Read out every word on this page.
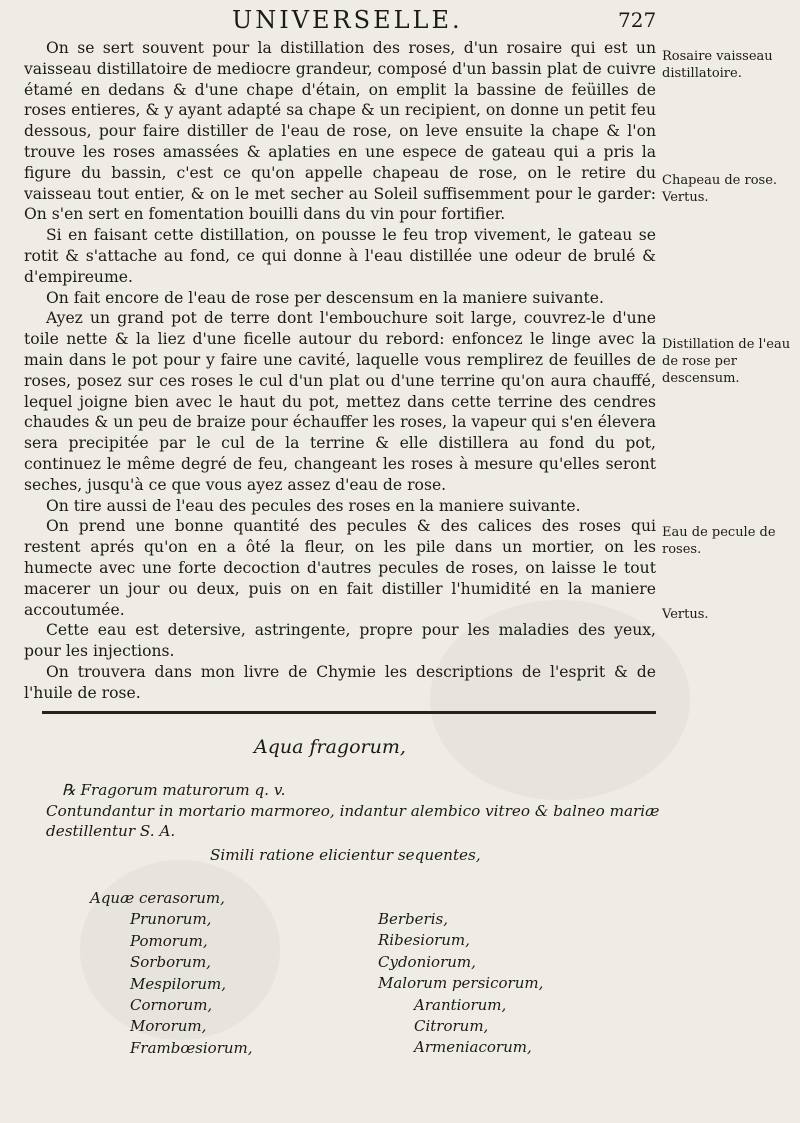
UNIVERSELLE.	727

On se sert souvent pour la distillation des roses, d'un rosaire qui est un vaisseau distillatoire de mediocre grandeur, composé d'un bassin plat de cuivre étamé en dedans & d'une chape d'étain, on emplit la bassine de feüilles de roses entieres, & y ayant adapté sa chape & un recipient, on donne un petit feu dessous, pour faire distiller de l'eau de rose, on leve ensuite la chape & l'on trouve les roses amassées & aplaties en une espece de gateau qui a pris la figure du bassin, c'est ce qu'on appelle chapeau de rose, on le retire du vaisseau tout entier, & on le met secher au Soleil suffisemment pour le garder: On s'en sert en fomentation bouilli dans du vin pour fortifier.

Si en faisant cette distillation, on pousse le feu trop vivement, le gateau se rotit & s'attache au fond, ce qui donne à l'eau distillée une odeur de brulé & d'empireume.

On fait encore de l'eau de rose per descensum en la maniere suivante.

Ayez un grand pot de terre dont l'embouchure soit large, couvrez-le d'une toile nette & la liez d'une ficelle autour du rebord: enfoncez le linge avec la main dans le pot pour y faire une cavité, laquelle vous remplirez de feuilles de roses, posez sur ces roses le cul d'un plat ou d'une terrine qu'on aura chauffé, lequel joigne bien avec le haut du pot, mettez dans cette terrine des cendres chaudes & un peu de braize pour échauffer les roses, la vapeur qui s'en élevera sera precipitée par le cul de la terrine & elle distillera au fond du pot, continuez le même degré de feu, changeant les roses à mesure qu'elles seront seches, jusqu'à ce que vous ayez assez d'eau de rose.

On tire aussi de l'eau des pecules des roses en la maniere suivante.

On prend une bonne quantité des pecules & des calices des roses qui restent aprés qu'on en a ôté la fleur, on les pile dans un mortier, on les humecte avec une forte decoction d'autres pecules de roses, on laisse le tout macerer un jour ou deux, puis on en fait distiller l'humidité en la maniere accoutumée.

Cette eau est detersive, astringente, propre pour les maladies des yeux, pour les injections.

On trouvera dans mon livre de Chymie les descriptions de l'esprit & de l'huile de rose.

Rosaire vaisseau distillatoire.
Chapeau de rose. Vertus.
Distillation de l'eau de rose per descensum.
Eau de pecule de roses.
Vertus.
Aqua fragorum,
℞ Fragorum maturorum q. v.
Contundantur in mortario marmoreo, indantur alembico vitreo & balneo mariæ destillentur S. A.
Simili ratione elicientur sequentes,
Aquæ cerasorum,
Prunorum,
Pomorum,
Sorborum,
Mespilorum,
Cornorum,
Mororum,
Frambœsiorum,
Berberis,
Ribesiorum,
Cydoniorum,
Malorum persicorum,
Arantiorum,
Citrorum,
Armeniacorum,
